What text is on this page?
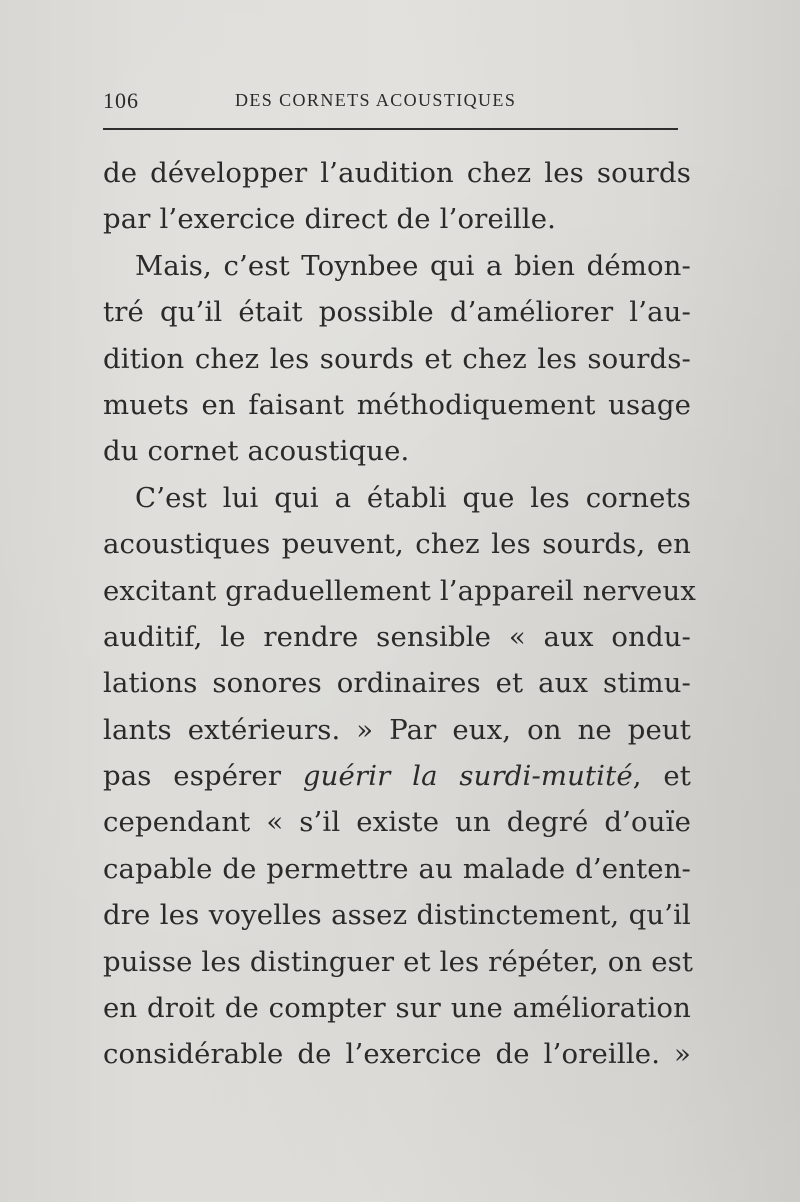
106	DES CORNETS ACOUSTIQUES
de développer l’audition chez les sourds
par l’exercice direct de l’oreille.
Mais, c’est Toynbee qui a bien démon-
tré qu’il était possible d’améliorer l’au-
dition chez les sourds et chez les sourds-
muets en faisant méthodiquement usage
du cornet acoustique.
C’est lui qui a établi que les cornets
acoustiques peuvent, chez les sourds, en
excitant graduellement l’appareil nerveux
auditif, le rendre sensible « aux ondu-
lations sonores ordinaires et aux stimu-
lants extérieurs. » Par eux, on ne peut
pas espérer guérir la surdi-mutité, et
cependant « s’il existe un degré d’ouïe
capable de permettre au malade d’enten-
dre les voyelles assez distinctement, qu’il
puisse les distinguer et les répéter, on est
en droit de compter sur une amélioration
considérable de l’exercice de l’oreille. »
